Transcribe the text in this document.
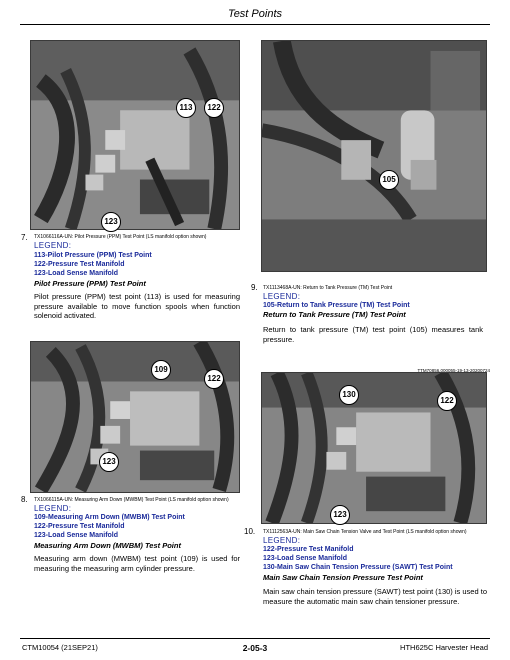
Test Points
113	122
123
7. TX1066116A-UN: Pilot Pressure (PPM) Test Point (LS manifold option shown)
LEGEND:
113-Pilot Pressure (PPM) Test Point
122-Pressure Test Manifold
123-Load Sense Manifold
Pilot Pressure (PPM) Test Point
Pilot pressure (PPM) test point (113) is used for measuring pressure available to move function spools when function solenoid activated.
109
122
123
8. TX1066115A-UN: Measuring Arm Down (MWBM) Test Point (LS manifold option shown)
LEGEND:
109-Measuring Arm Down (MWBM) Test Point
122-Pressure Test Manifold
123-Load Sense Manifold
Measuring Arm Down (MWBM) Test Point
Measuring arm down (MWBM) test point (109) is used for measuring the measuring arm cylinder pressure.
105
9. TX1113468A-UN: Return to Tank Pressure (TM) Test Point
LEGEND:
105-Return to Tank Pressure (TM) Test Point
Return to Tank Pressure (TM) Test Point
Return to tank pressure (TM) test point (105) measures tank pressure.
130
122
123
10. TX1112563A-UN: Main Saw Chain Tension Valve and Test Point (LS manifold option shown)
LEGEND:
122-Pressure Test Manifold
123-Load Sense Manifold
130-Main Saw Chain Tension Pressure (SAWT) Test Point
Main Saw Chain Tension Pressure Test Point
Main saw chain tension pressure (SAWT) test point (130) is used to measure the automatic main saw chain tensioner pressure.
TTM70856,000055-19-13-20200724
CTM10054 (21SEP21)	2-05-3	HTH625C Harvester Head
